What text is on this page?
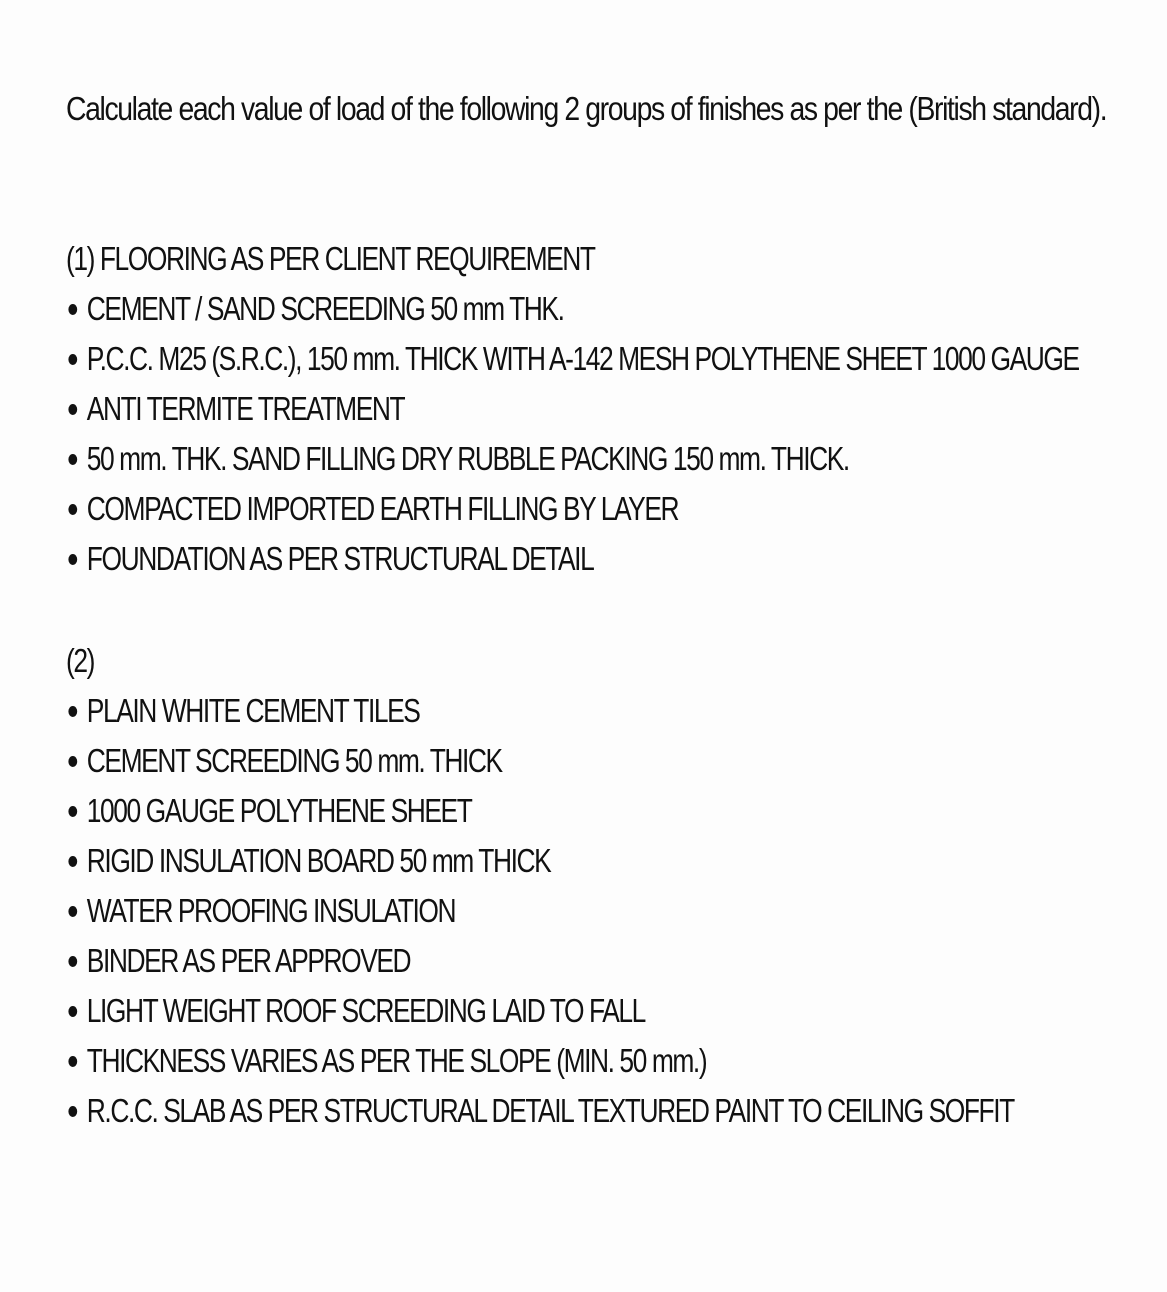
Calculate each value of load of the following 2 groups of finishes as per the (British standard).

(1) FLOORING AS PER CLIENT REQUIREMENT
CEMENT / SAND SCREEDING 50 mm THK.
P.C.C. M25 (S.R.C.), 150 mm. THICK WITH A-142 MESH POLYTHENE SHEET 1000 GAUGE
ANTI TERMITE TREATMENT
50 mm. THK. SAND FILLING DRY RUBBLE PACKING 150 mm. THICK.
COMPACTED IMPORTED EARTH FILLING BY LAYER
FOUNDATION AS PER STRUCTURAL DETAIL
(2)
PLAIN WHITE CEMENT TILES
CEMENT SCREEDING 50 mm. THICK
1000 GAUGE POLYTHENE SHEET
RIGID INSULATION BOARD 50 mm THICK
WATER PROOFING INSULATION
BINDER AS PER APPROVED
LIGHT WEIGHT ROOF SCREEDING LAID TO FALL
THICKNESS VARIES AS PER THE SLOPE (MIN. 50 mm.)
R.C.C. SLAB AS PER STRUCTURAL DETAIL TEXTURED PAINT TO CEILING SOFFIT
